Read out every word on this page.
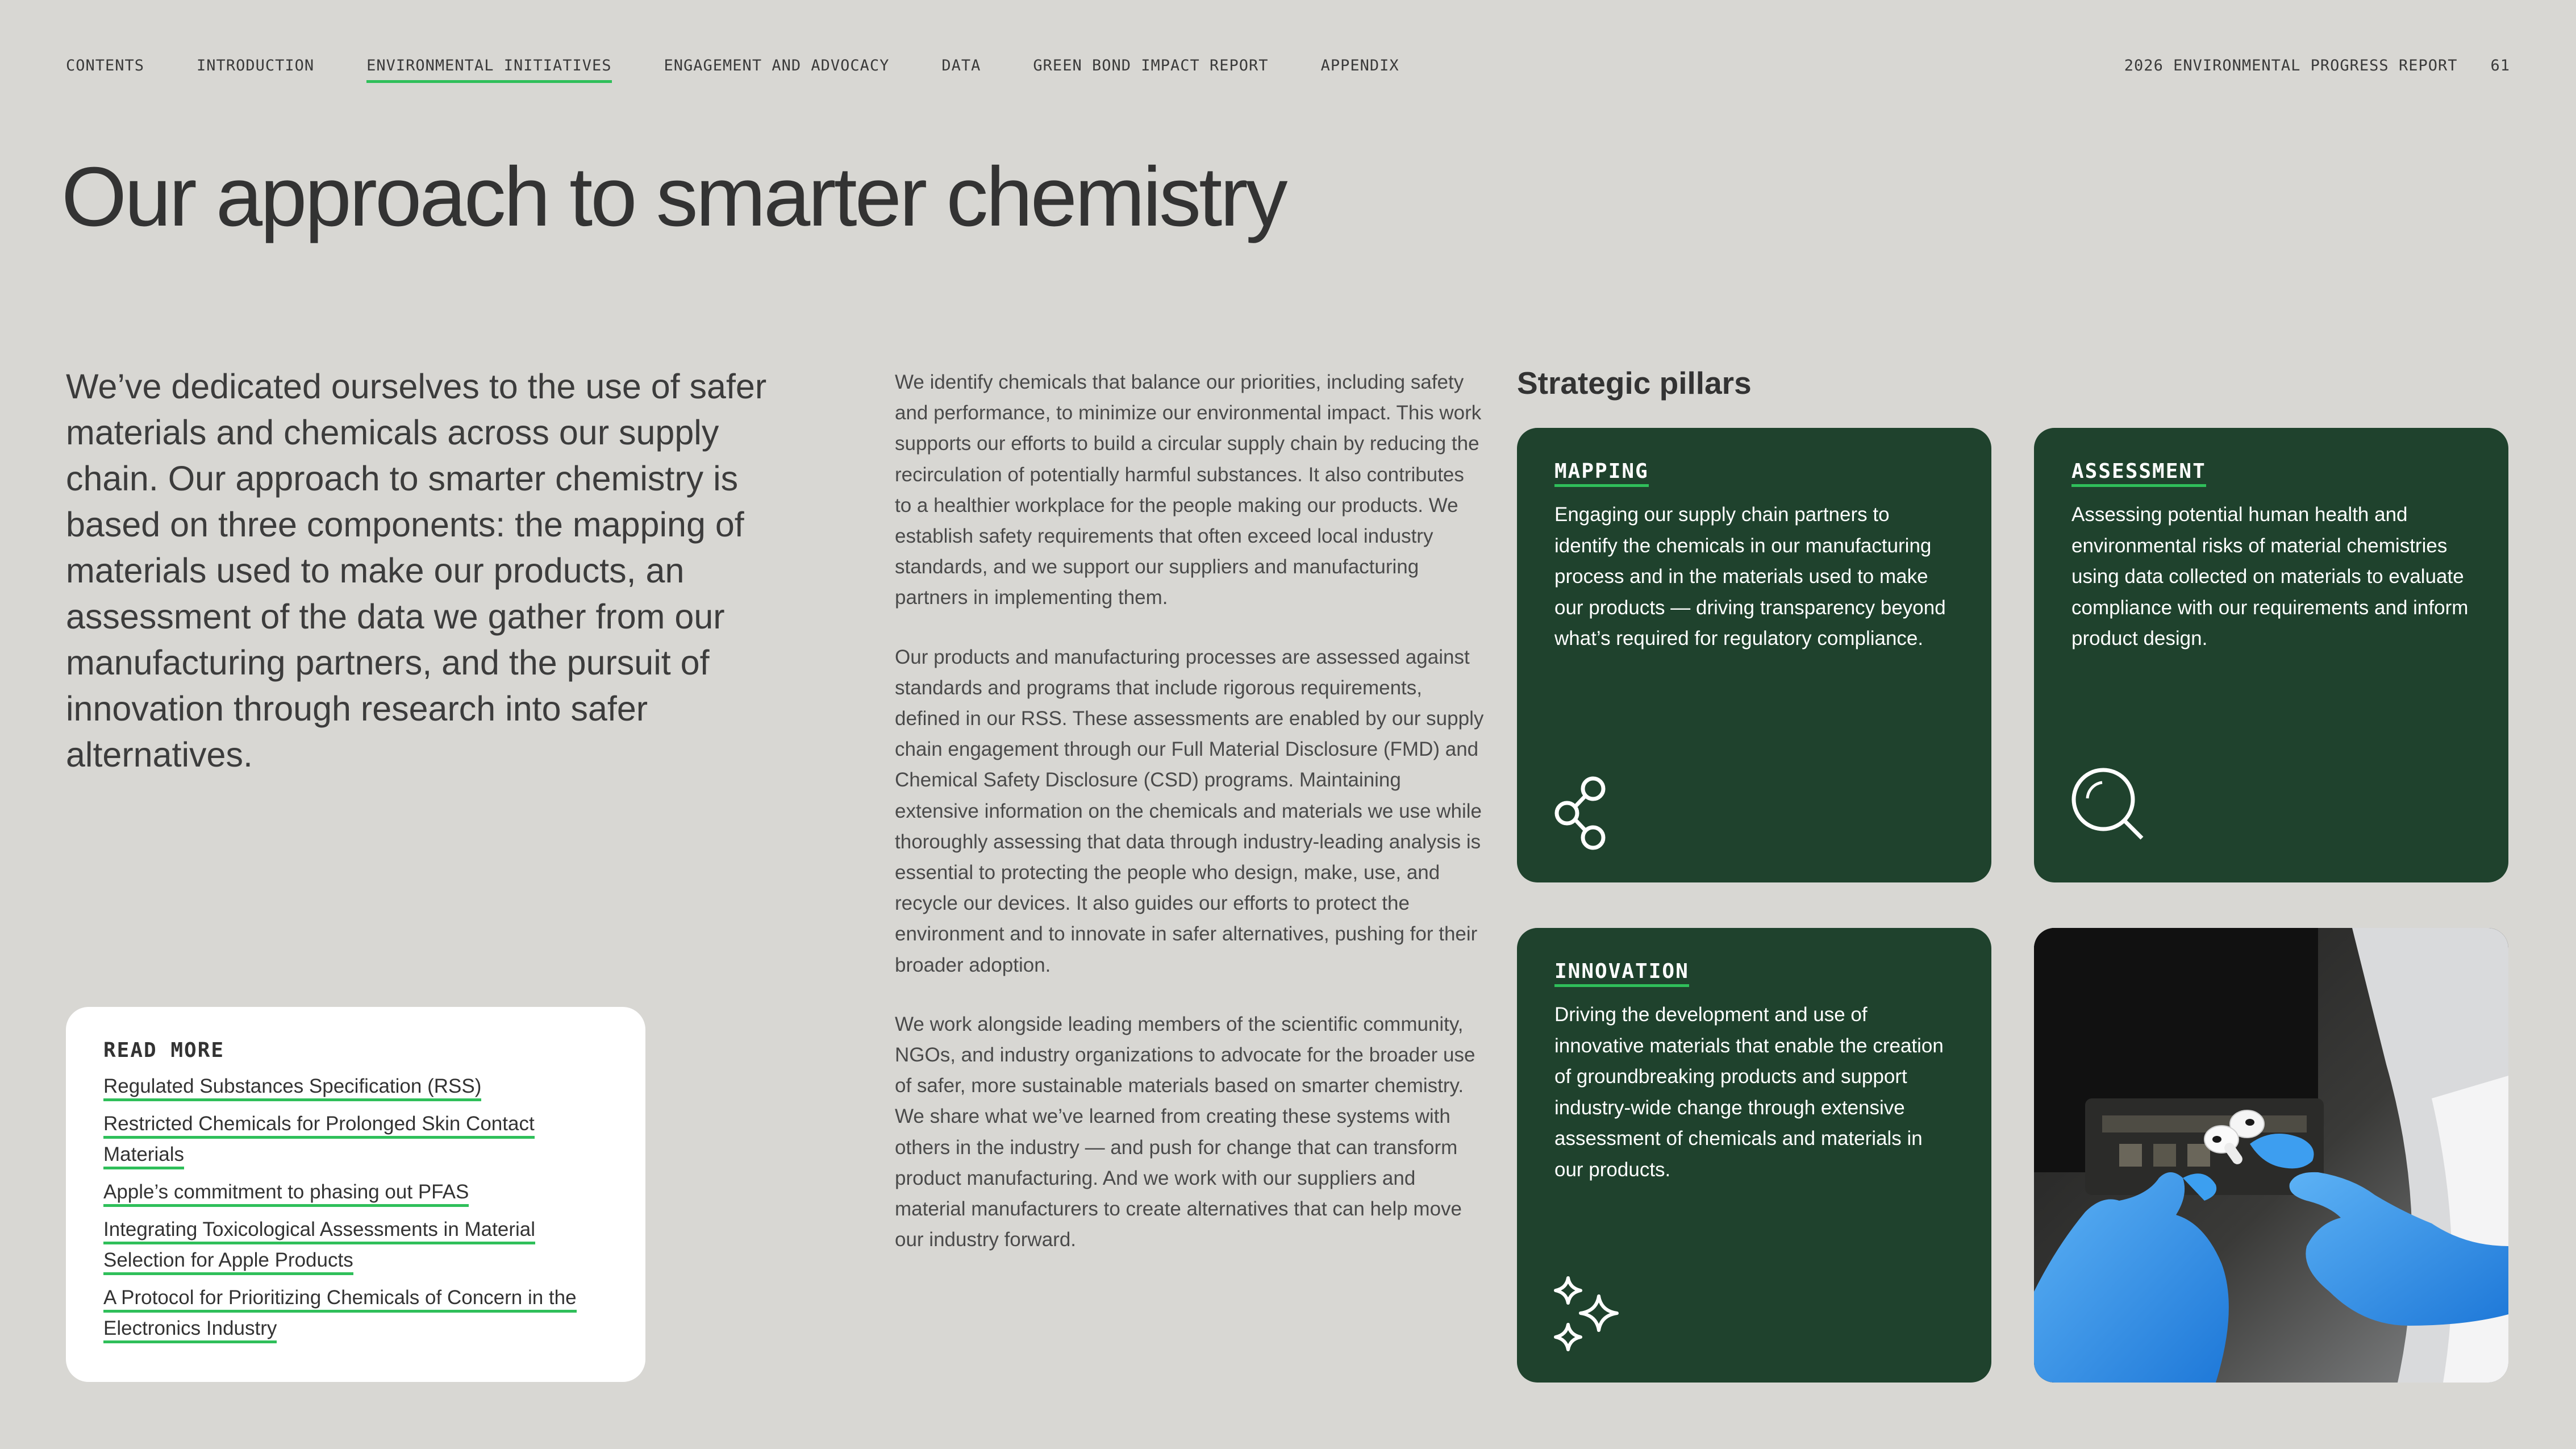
CONTENTS	INTRODUCTION	ENVIRONMENTAL INITIATIVES	ENGAGEMENT AND ADVOCACY	DATA	GREEN BOND IMPACT REPORT	APPENDIX	2026 ENVIRONMENTAL PROGRESS REPORT 61
Our approach to smarter chemistry

We’ve dedicated ourselves to the use of safer materials and chemicals across our supply chain. Our approach to smarter chemistry is based on three components: the mapping of materials used to make our products, an assessment of the data we gather from our manufacturing partners, and the pursuit of innovation through research into safer alternatives.

We identify chemicals that balance our priorities, including safety and performance, to minimize our environmental impact. This work supports our efforts to build a circular supply chain by reducing the recirculation of potentially harmful substances. It also contributes to a healthier workplace for the people making our products. We establish safety requirements that often exceed local industry standards, and we support our suppliers and manufacturing partners in implementing them.

Our products and manufacturing processes are assessed against standards and programs that include rigorous requirements, defined in our RSS. These assessments are enabled by our supply chain engagement through our Full Material Disclosure (FMD) and Chemical Safety Disclosure (CSD) programs. Maintaining extensive information on the chemicals and materials we use while thoroughly assessing that data through industry-leading analysis is essential to protecting the people who design, make, use, and recycle our devices. It also guides our efforts to protect the environment and to innovate in safer alternatives, pushing for their broader adoption.

We work alongside leading members of the scientific community, NGOs, and industry organizations to advocate for the broader use of safer, more sustainable materials based on smarter chemistry. We share what we’ve learned from creating these systems with others in the industry — and push for change that can transform product manufacturing. And we work with our suppliers and material manufacturers to create alternatives that can help move our industry forward.

READ MORE
Regulated Substances Specification (RSS)
Restricted Chemicals for Prolonged Skin Contact Materials
Apple’s commitment to phasing out PFAS
Integrating Toxicological Assessments in Material Selection for Apple Products
A Protocol for Prioritizing Chemicals of Concern in the Electronics Industry
Strategic pillars
MAPPING

Engaging our supply chain partners to identify the chemicals in our manufacturing process and in the materials used to make our products — driving transparency beyond what’s required for regulatory compliance.

ASSESSMENT

Assessing potential human health and environmental risks of material chemistries using data collected on materials to evaluate compliance with our requirements and inform product design.

INNOVATION

Driving the development and use of innovative materials that enable the creation of groundbreaking products and support industry-wide change through extensive assessment of chemicals and materials in our products.
